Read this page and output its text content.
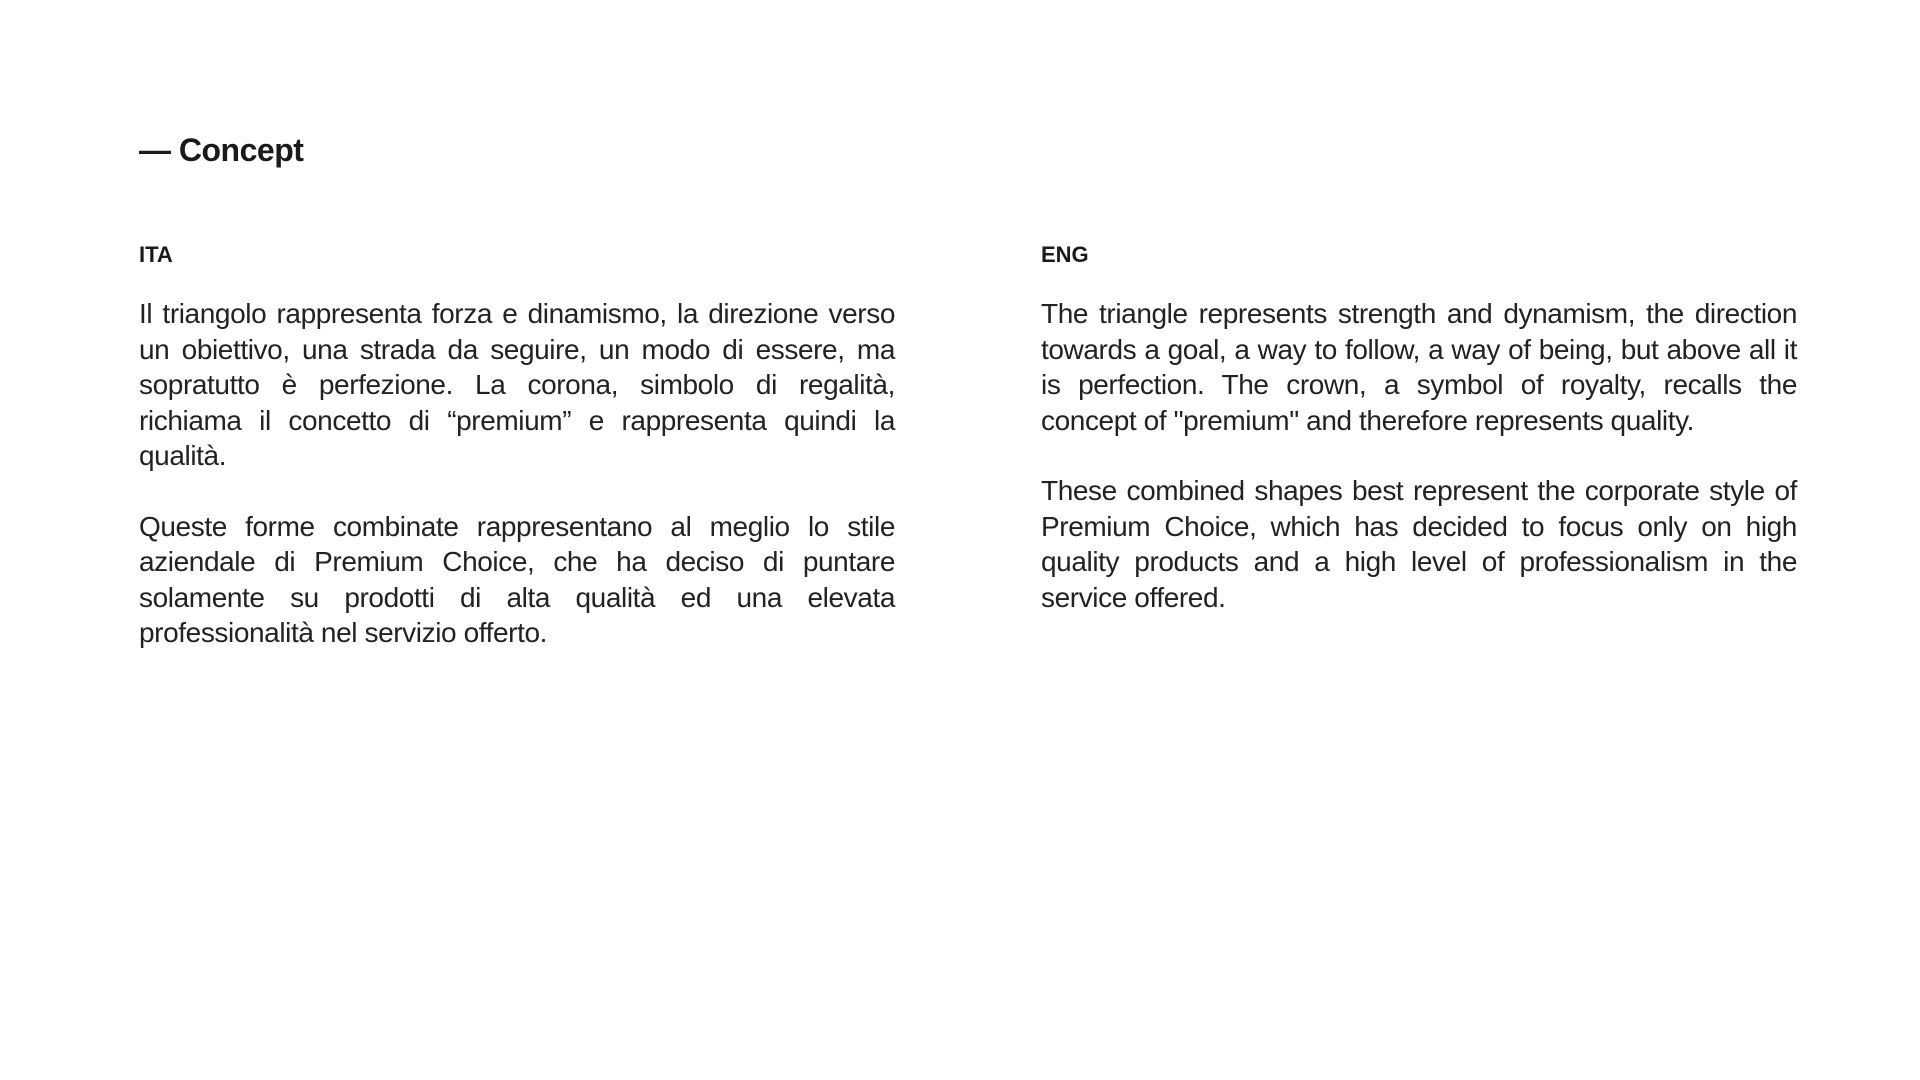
— Concept
ITA

Il triangolo rappresenta forza e dinamismo, la direzione verso un obiettivo, una strada da seguire, un modo di essere, ma sopratutto è perfezione. La corona, simbolo di regalità, richiama il concetto di “premium” e rappresenta quindi la qualità.

Queste forme combinate rappresentano al meglio lo stile aziendale di Premium Choice, che ha deciso di puntare solamente su prodotti di alta qualità ed una elevata professionalità nel servizio offerto.

ENG

The triangle represents strength and dynamism, the direction towards a goal, a way to follow, a way of being, but above all it is perfection. The crown, a symbol of royalty, recalls the concept of "premium" and therefore represents quality.

These combined shapes best represent the corporate style of Premium Choice, which has decided to focus only on high quality products and a high level of professionalism in the service offered.
